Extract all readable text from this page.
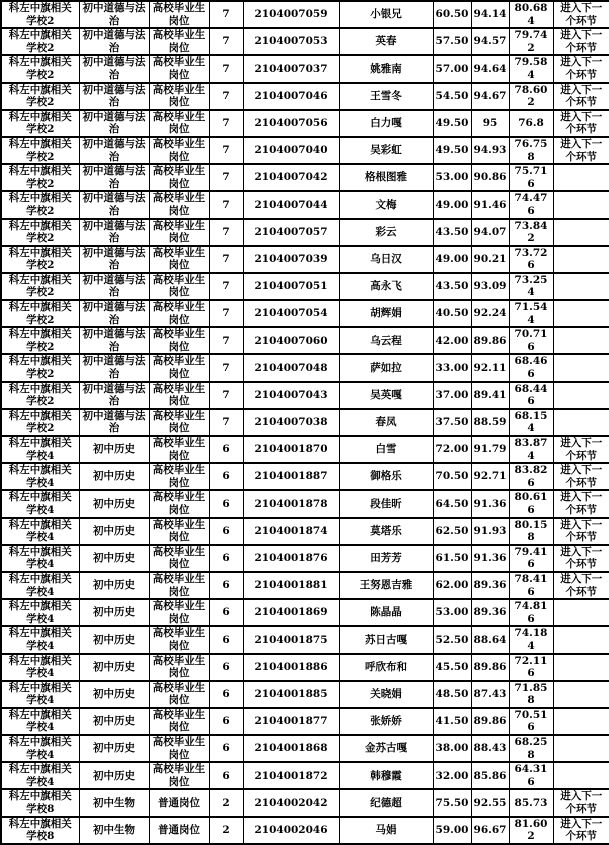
科左中旗相关学校2	初中道德与法治	高校毕业生岗位	7	2104007059	小银兄	60.50	94.14	80.684	进入下一个环节
科左中旗相关学校2	初中道德与法治	高校毕业生岗位	7	2104007053	英春	57.50	94.57	79.742	进入下一个环节
科左中旗相关学校2	初中道德与法治	高校毕业生岗位	7	2104007037	姚雅南	57.00	94.64	79.584	进入下一个环节
科左中旗相关学校2	初中道德与法治	高校毕业生岗位	7	2104007046	王雪冬	54.50	94.67	78.602	进入下一个环节
科左中旗相关学校2	初中道德与法治	高校毕业生岗位	7	2104007056	白力嘎	49.50	95	76.8	进入下一个环节
科左中旗相关学校2	初中道德与法治	高校毕业生岗位	7	2104007040	吴彩虹	49.50	94.93	76.758	进入下一个环节
科左中旗相关学校2	初中道德与法治	高校毕业生岗位	7	2104007042	格根图雅	53.00	90.86	75.716	
科左中旗相关学校2	初中道德与法治	高校毕业生岗位	7	2104007044	文梅	49.00	91.46	74.476	
科左中旗相关学校2	初中道德与法治	高校毕业生岗位	7	2104007057	彩云	43.50	94.07	73.842	
科左中旗相关学校2	初中道德与法治	高校毕业生岗位	7	2104007039	乌日汉	49.00	90.21	73.726	
科左中旗相关学校2	初中道德与法治	高校毕业生岗位	7	2104007051	高永飞	43.50	93.09	73.254	
科左中旗相关学校2	初中道德与法治	高校毕业生岗位	7	2104007054	胡辉娟	40.50	92.24	71.544	
科左中旗相关学校2	初中道德与法治	高校毕业生岗位	7	2104007060	乌云程	42.00	89.86	70.716	
科左中旗相关学校2	初中道德与法治	高校毕业生岗位	7	2104007048	萨如拉	33.00	92.11	68.466	
科左中旗相关学校2	初中道德与法治	高校毕业生岗位	7	2104007043	吴英嘎	37.00	89.41	68.446	
科左中旗相关学校2	初中道德与法治	高校毕业生岗位	7	2104007038	春凤	37.50	88.59	68.154	
科左中旗相关学校4	初中历史	高校毕业生岗位	6	2104001870	白雪	72.00	91.79	83.874	进入下一个环节
科左中旗相关学校4	初中历史	高校毕业生岗位	6	2104001887	御格乐	70.50	92.71	83.826	进入下一个环节
科左中旗相关学校4	初中历史	高校毕业生岗位	6	2104001878	段佳昕	64.50	91.36	80.616	进入下一个环节
科左中旗相关学校4	初中历史	高校毕业生岗位	6	2104001874	莫塔乐	62.50	91.93	80.158	进入下一个环节
科左中旗相关学校4	初中历史	高校毕业生岗位	6	2104001876	田芳芳	61.50	91.36	79.416	进入下一个环节
科左中旗相关学校4	初中历史	高校毕业生岗位	6	2104001881	王努恩吉雅	62.00	89.36	78.416	进入下一个环节
科左中旗相关学校4	初中历史	高校毕业生岗位	6	2104001869	陈晶晶	53.00	89.36	74.816	
科左中旗相关学校4	初中历史	高校毕业生岗位	6	2104001875	苏日古嘎	52.50	88.64	74.184	
科左中旗相关学校4	初中历史	高校毕业生岗位	6	2104001886	呼欣布和	45.50	89.86	72.116	
科左中旗相关学校4	初中历史	高校毕业生岗位	6	2104001885	关晓娟	48.50	87.43	71.858	
科左中旗相关学校4	初中历史	高校毕业生岗位	6	2104001877	张娇娇	41.50	89.86	70.516	
科左中旗相关学校4	初中历史	高校毕业生岗位	6	2104001868	金苏古嘎	38.00	88.43	68.258	
科左中旗相关学校4	初中历史	高校毕业生岗位	6	2104001872	韩穆霞	32.00	85.86	64.316	
科左中旗相关学校8	初中生物	普通岗位	2	2104002042	纪德超	75.50	92.55	85.73	进入下一个环节
科左中旗相关学校8	初中生物	普通岗位	2	2104002046	马娟	59.00	96.67	81.602	进入下一个环节
